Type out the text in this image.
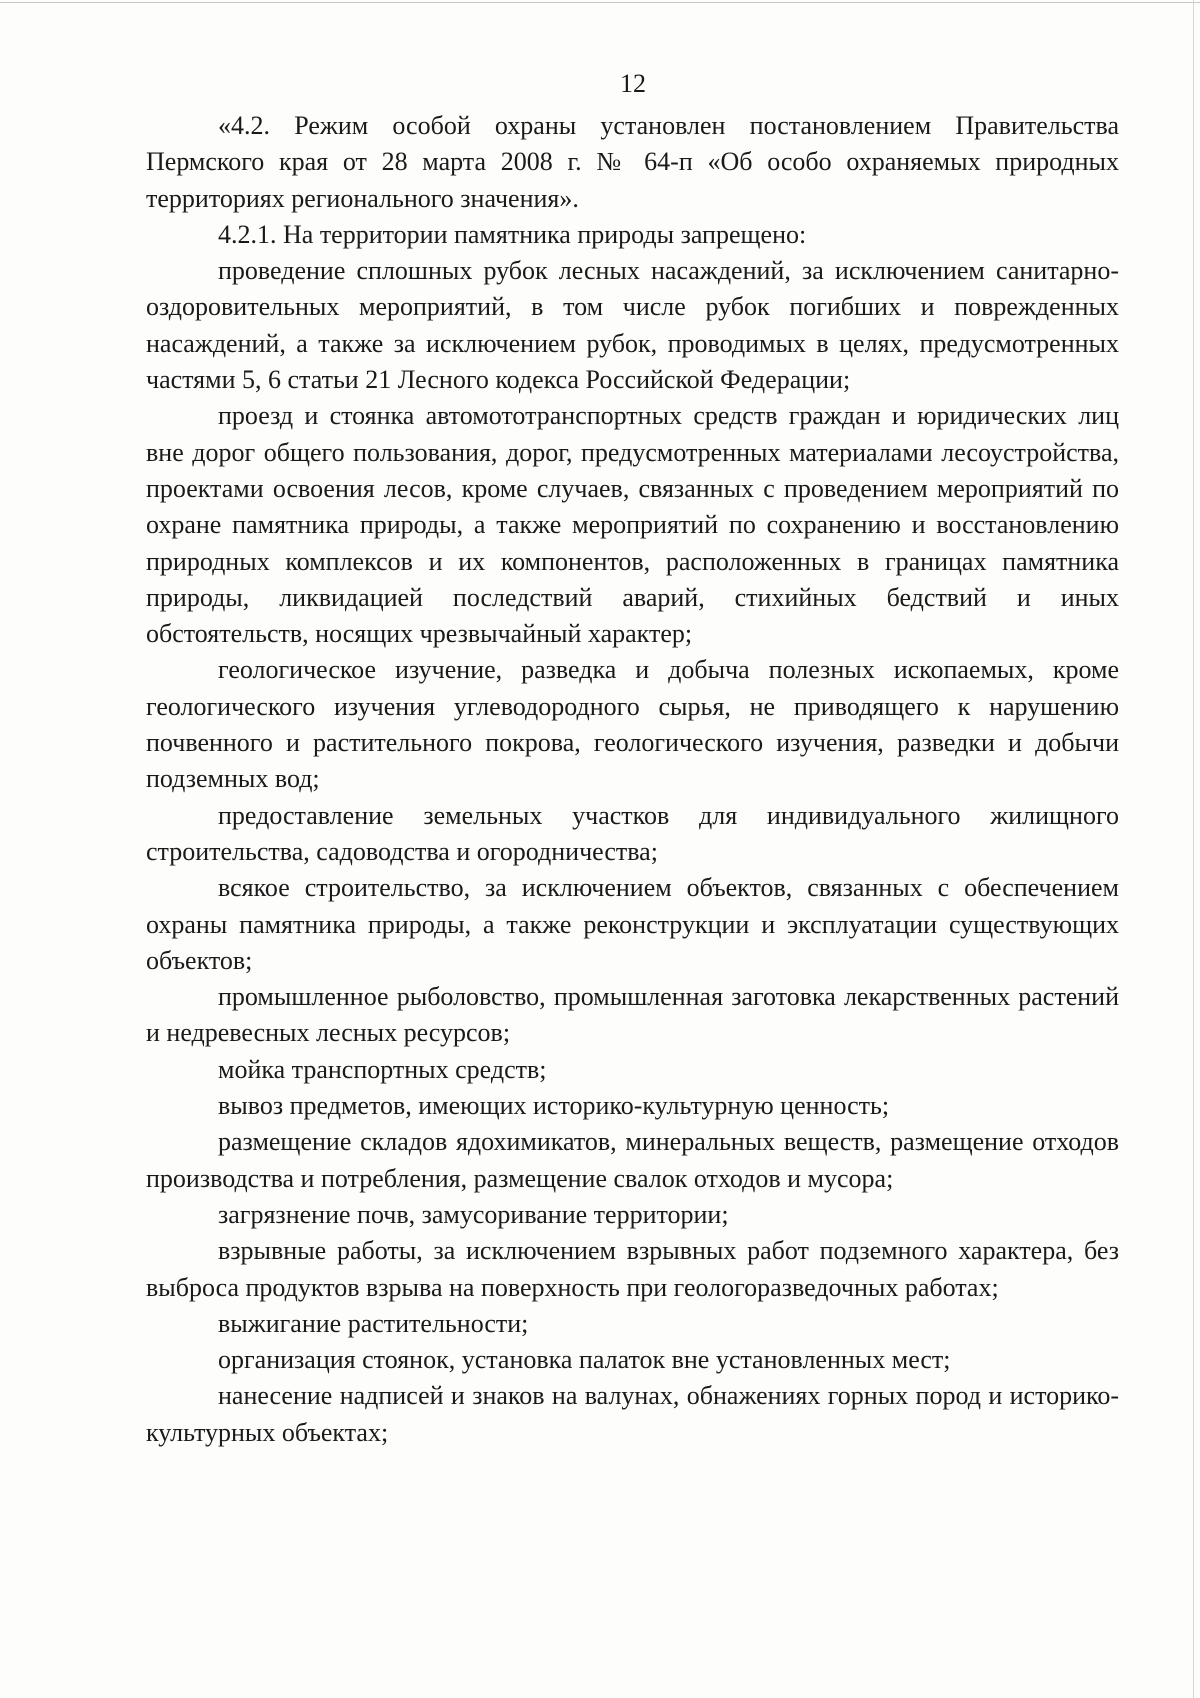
12

«4.2. Режим особой охраны установлен постановлением Правительства Пермского края от 28 марта 2008 г. № 64-п «Об особо охраняемых природных территориях регионального значения».

4.2.1. На территории памятника природы запрещено:

проведение сплошных рубок лесных насаждений, за исключением санитарно-оздоровительных мероприятий, в том числе рубок погибших и поврежденных насаждений, а также за исключением рубок, проводимых в целях, предусмотренных частями 5, 6 статьи 21 Лесного кодекса Российской Федерации;

проезд и стоянка автомототранспортных средств граждан и юридических лиц вне дорог общего пользования, дорог, предусмотренных материалами лесоустройства, проектами освоения лесов, кроме случаев, связанных с проведением мероприятий по охране памятника природы, а также мероприятий по сохранению и восстановлению природных комплексов и их компонентов, расположенных в границах памятника природы, ликвидацией последствий аварий, стихийных бедствий и иных обстоятельств, носящих чрезвычайный характер;

геологическое изучение, разведка и добыча полезных ископаемых, кроме геологического изучения углеводородного сырья, не приводящего к нарушению почвенного и растительного покрова, геологического изучения, разведки и добычи подземных вод;

предоставление земельных участков для индивидуального жилищного строительства, садоводства и огородничества;

всякое строительство, за исключением объектов, связанных с обеспечением охраны памятника природы, а также реконструкции и эксплуатации существующих объектов;

промышленное рыболовство, промышленная заготовка лекарственных растений и недревесных лесных ресурсов;

мойка транспортных средств;

вывоз предметов, имеющих историко-культурную ценность;

размещение складов ядохимикатов, минеральных веществ, размещение отходов производства и потребления, размещение свалок отходов и мусора;

загрязнение почв, замусоривание территории;

взрывные работы, за исключением взрывных работ подземного характера, без выброса продуктов взрыва на поверхность при геологоразведочных работах;

выжигание растительности;

организация стоянок, установка палаток вне установленных мест;

нанесение надписей и знаков на валунах, обнажениях горных пород и историко-культурных объектах;
